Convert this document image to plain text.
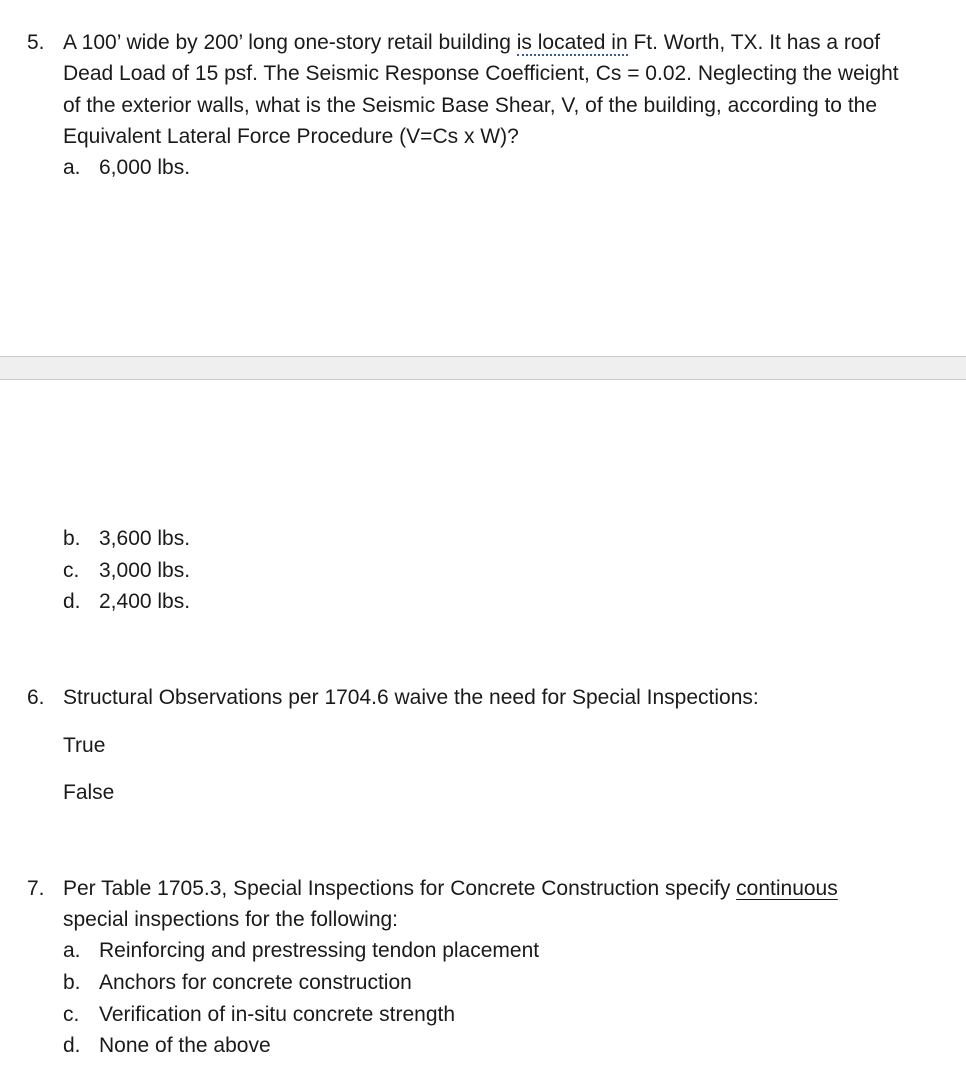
5. A 100’ wide by 200’ long one-story retail building is located in Ft. Worth, TX. It has a roof
Dead Load of 15 psf. The Seismic Response Coefficient, Cs = 0.02. Neglecting the weight
of the exterior walls, what is the Seismic Base Shear, V, of the building, according to the
Equivalent Lateral Force Procedure (V=Cs x W)?
a. 6,000 lbs.
b. 3,600 lbs.
c. 3,000 lbs.
d. 2,400 lbs.
6. Structural Observations per 1704.6 waive the need for Special Inspections:
True
False
7. Per Table 1705.3, Special Inspections for Concrete Construction specify continuous
special inspections for the following:
a. Reinforcing and prestressing tendon placement
b. Anchors for concrete construction
c. Verification of in-situ concrete strength
d. None of the above
